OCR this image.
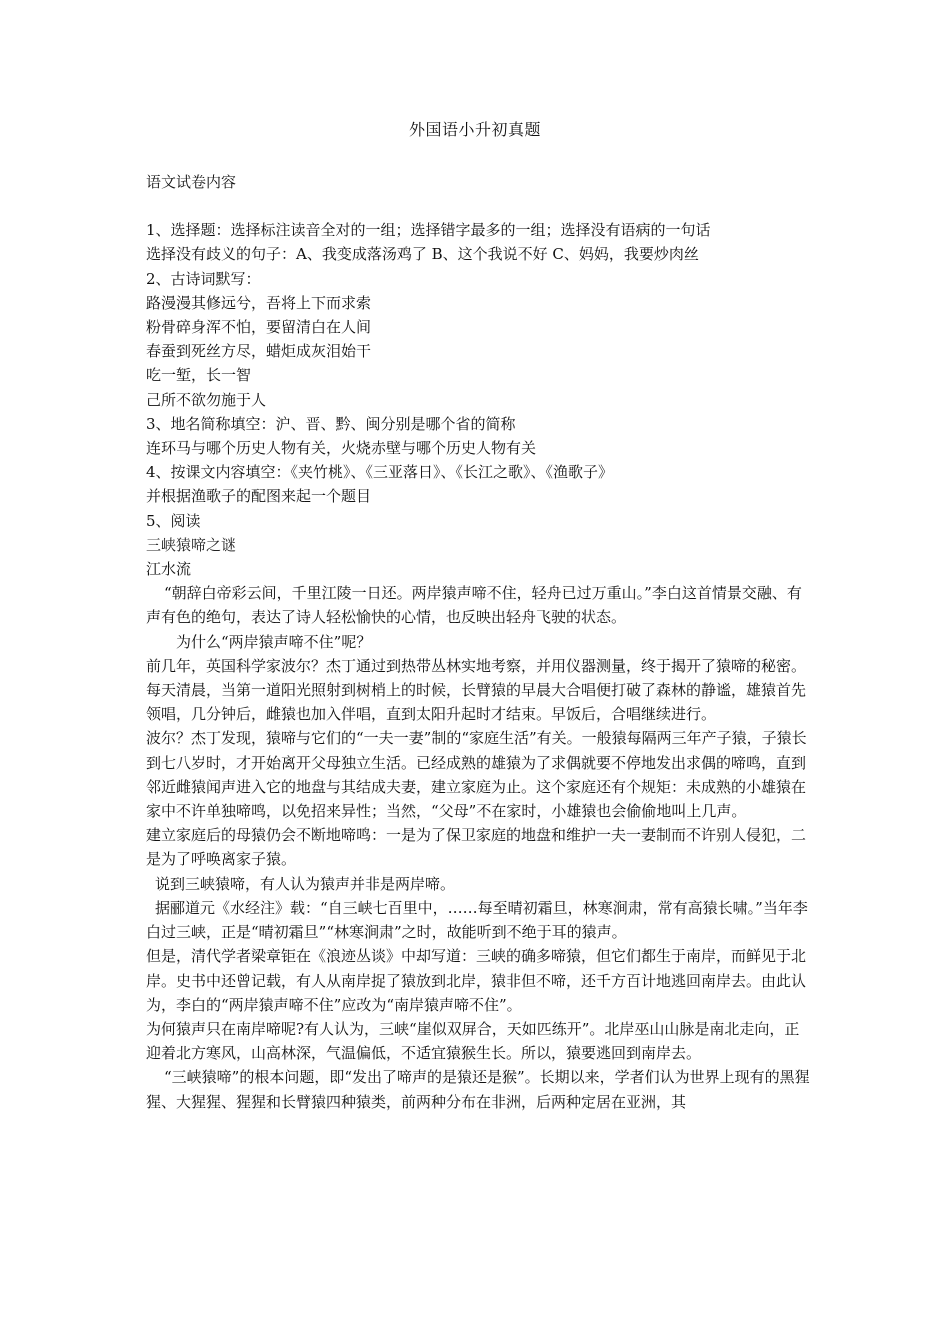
外国语小升初真题

语文试卷内容

1、选择题：选择标注读音全对的一组；选择错字最多的一组；选择没有语病的一句话

选择没有歧义的句子：A、我变成落汤鸡了 B、这个我说不好 C、妈妈，我要炒肉丝

2、古诗词默写：

路漫漫其修远兮，吾将上下而求索

粉骨碎身浑不怕，要留清白在人间

春蚕到死丝方尽，蜡炬成灰泪始干

吃一堑，长一智

己所不欲勿施于人

3、地名简称填空：沪、晋、黔、闽分别是哪个省的简称

连环马与哪个历史人物有关，火烧赤壁与哪个历史人物有关

4、按课文内容填空：《夹竹桃》、《三亚落日》、《长江之歌》、《渔歌子》

并根据渔歌子的配图来起一个题目

5、阅读

三峡猿啼之谜

江水流

“朝辞白帝彩云间，千里江陵一日还。两岸猿声啼不住，轻舟已过万重山。”李白这首情景交融、有声有色的绝句，表达了诗人轻松愉快的心情，也反映出轻舟飞驶的状态。

为什么“两岸猿声啼不住”呢？

前几年，英国科学家波尔？杰丁通过到热带丛林实地考察，并用仪器测量，终于揭开了猿啼的秘密。

每天清晨，当第一道阳光照射到树梢上的时候，长臂猿的早晨大合唱便打破了森林的静谧，雄猿首先领唱，几分钟后，雌猿也加入伴唱，直到太阳升起时才结束。早饭后，合唱继续进行。

波尔？杰丁发现，猿啼与它们的“一夫一妻”制的“家庭生活”有关。一般猿每隔两三年产子猿，子猿长到七八岁时，才开始离开父母独立生活。已经成熟的雄猿为了求偶就要不停地发出求偶的啼鸣，直到邻近雌猿闻声进入它的地盘与其结成夫妻，建立家庭为止。这个家庭还有个规矩：未成熟的小雄猿在家中不许单独啼鸣，以免招来异性；当然，“父母”不在家时，小雄猿也会偷偷地叫上几声。

建立家庭后的母猿仍会不断地啼鸣：一是为了保卫家庭的地盘和维护一夫一妻制而不许别人侵犯，二是为了呼唤离家子猿。

说到三峡猿啼，有人认为猿声并非是两岸啼。

据郦道元《水经注》载：“自三峡七百里中，……每至晴初霜旦，林寒涧肃，常有高猿长啸。”当年李白过三峡，正是“晴初霜旦”“林寒涧肃”之时，故能听到不绝于耳的猿声。

但是，清代学者梁章钜在《浪迹丛谈》中却写道：三峡的确多啼猿，但它们都生于南岸，而鲜见于北岸。史书中还曾记载，有人从南岸捉了猿放到北岸，猿非但不啼，还千方百计地逃回南岸去。由此认为，李白的“两岸猿声啼不住”应改为“南岸猿声啼不住”。

为何猿声只在南岸啼呢?有人认为，三峡“崖似双屏合，天如匹练开”。北岸巫山山脉是南北走向，正迎着北方寒风，山高林深，气温偏低，不适宜猿猴生长。所以，猿要逃回到南岸去。

“三峡猿啼”的根本问题，即“发出了啼声的是猿还是猴”。长期以来，学者们认为世界上现有的黑猩猩、大猩猩、猩猩和长臂猿四种猿类，前两种分布在非洲，后两种定居在亚洲，其
